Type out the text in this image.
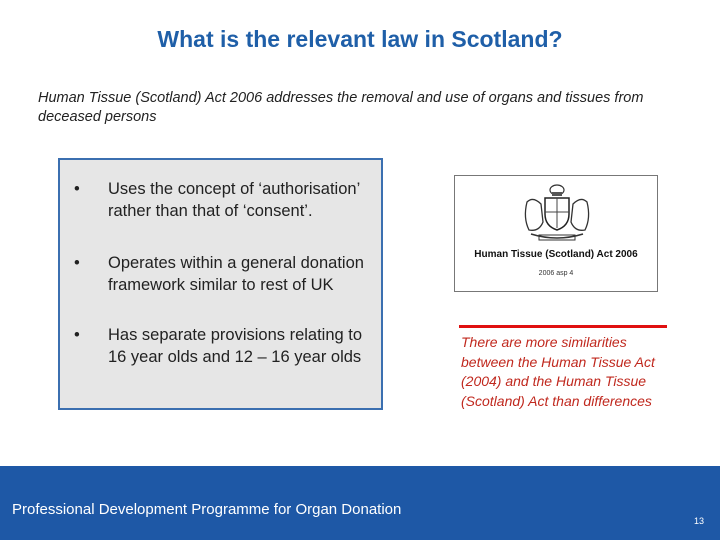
What is the relevant law in Scotland?
Human Tissue (Scotland) Act 2006 addresses the removal and use of organs and tissues from deceased persons
•	Uses the concept of ‘authorisation’ rather than that of ‘consent’.
•	Operates within a general donation framework similar to rest of UK
•	Has separate provisions relating to 16 year olds and 12 – 16 year olds
Human Tissue (Scotland) Act 2006
2006 asp 4
There are more similarities between the Human Tissue Act (2004) and the Human Tissue (Scotland) Act than differences
Professional Development Programme for Organ Donation
13
